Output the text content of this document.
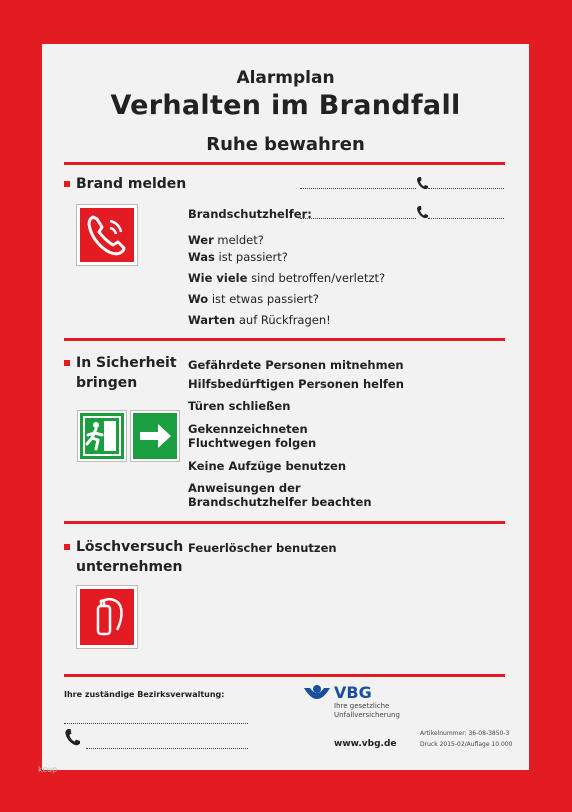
Alarmplan
Verhalten im Brandfall
Ruhe bewahren
Brand melden
Brandschutzhelfer:
Wer meldet?
Was ist passiert?
Wie viele sind betroffen/verletzt?
Wo ist etwas passiert?
Warten auf Rückfragen!
In Sicherheit
bringen
Gefährdete Personen mitnehmen
Hilfsbedürftigen Personen helfen
Türen schließen
Gekennzeichneten
Fluchtwegen folgen
Keine Aufzüge benutzen
Anweisungen der
Brandschutzhelfer beachten
Löschversuch
unternehmen
Feuerlöscher benutzen
Ihre zuständige Bezirksverwaltung:	VBG
Ihre gesetzliche
Unfallversicherung
www.vbg.de
Artikelnummer: 36-08-3850-3
Druck 2015-02/Auflage 10.000
kcup
